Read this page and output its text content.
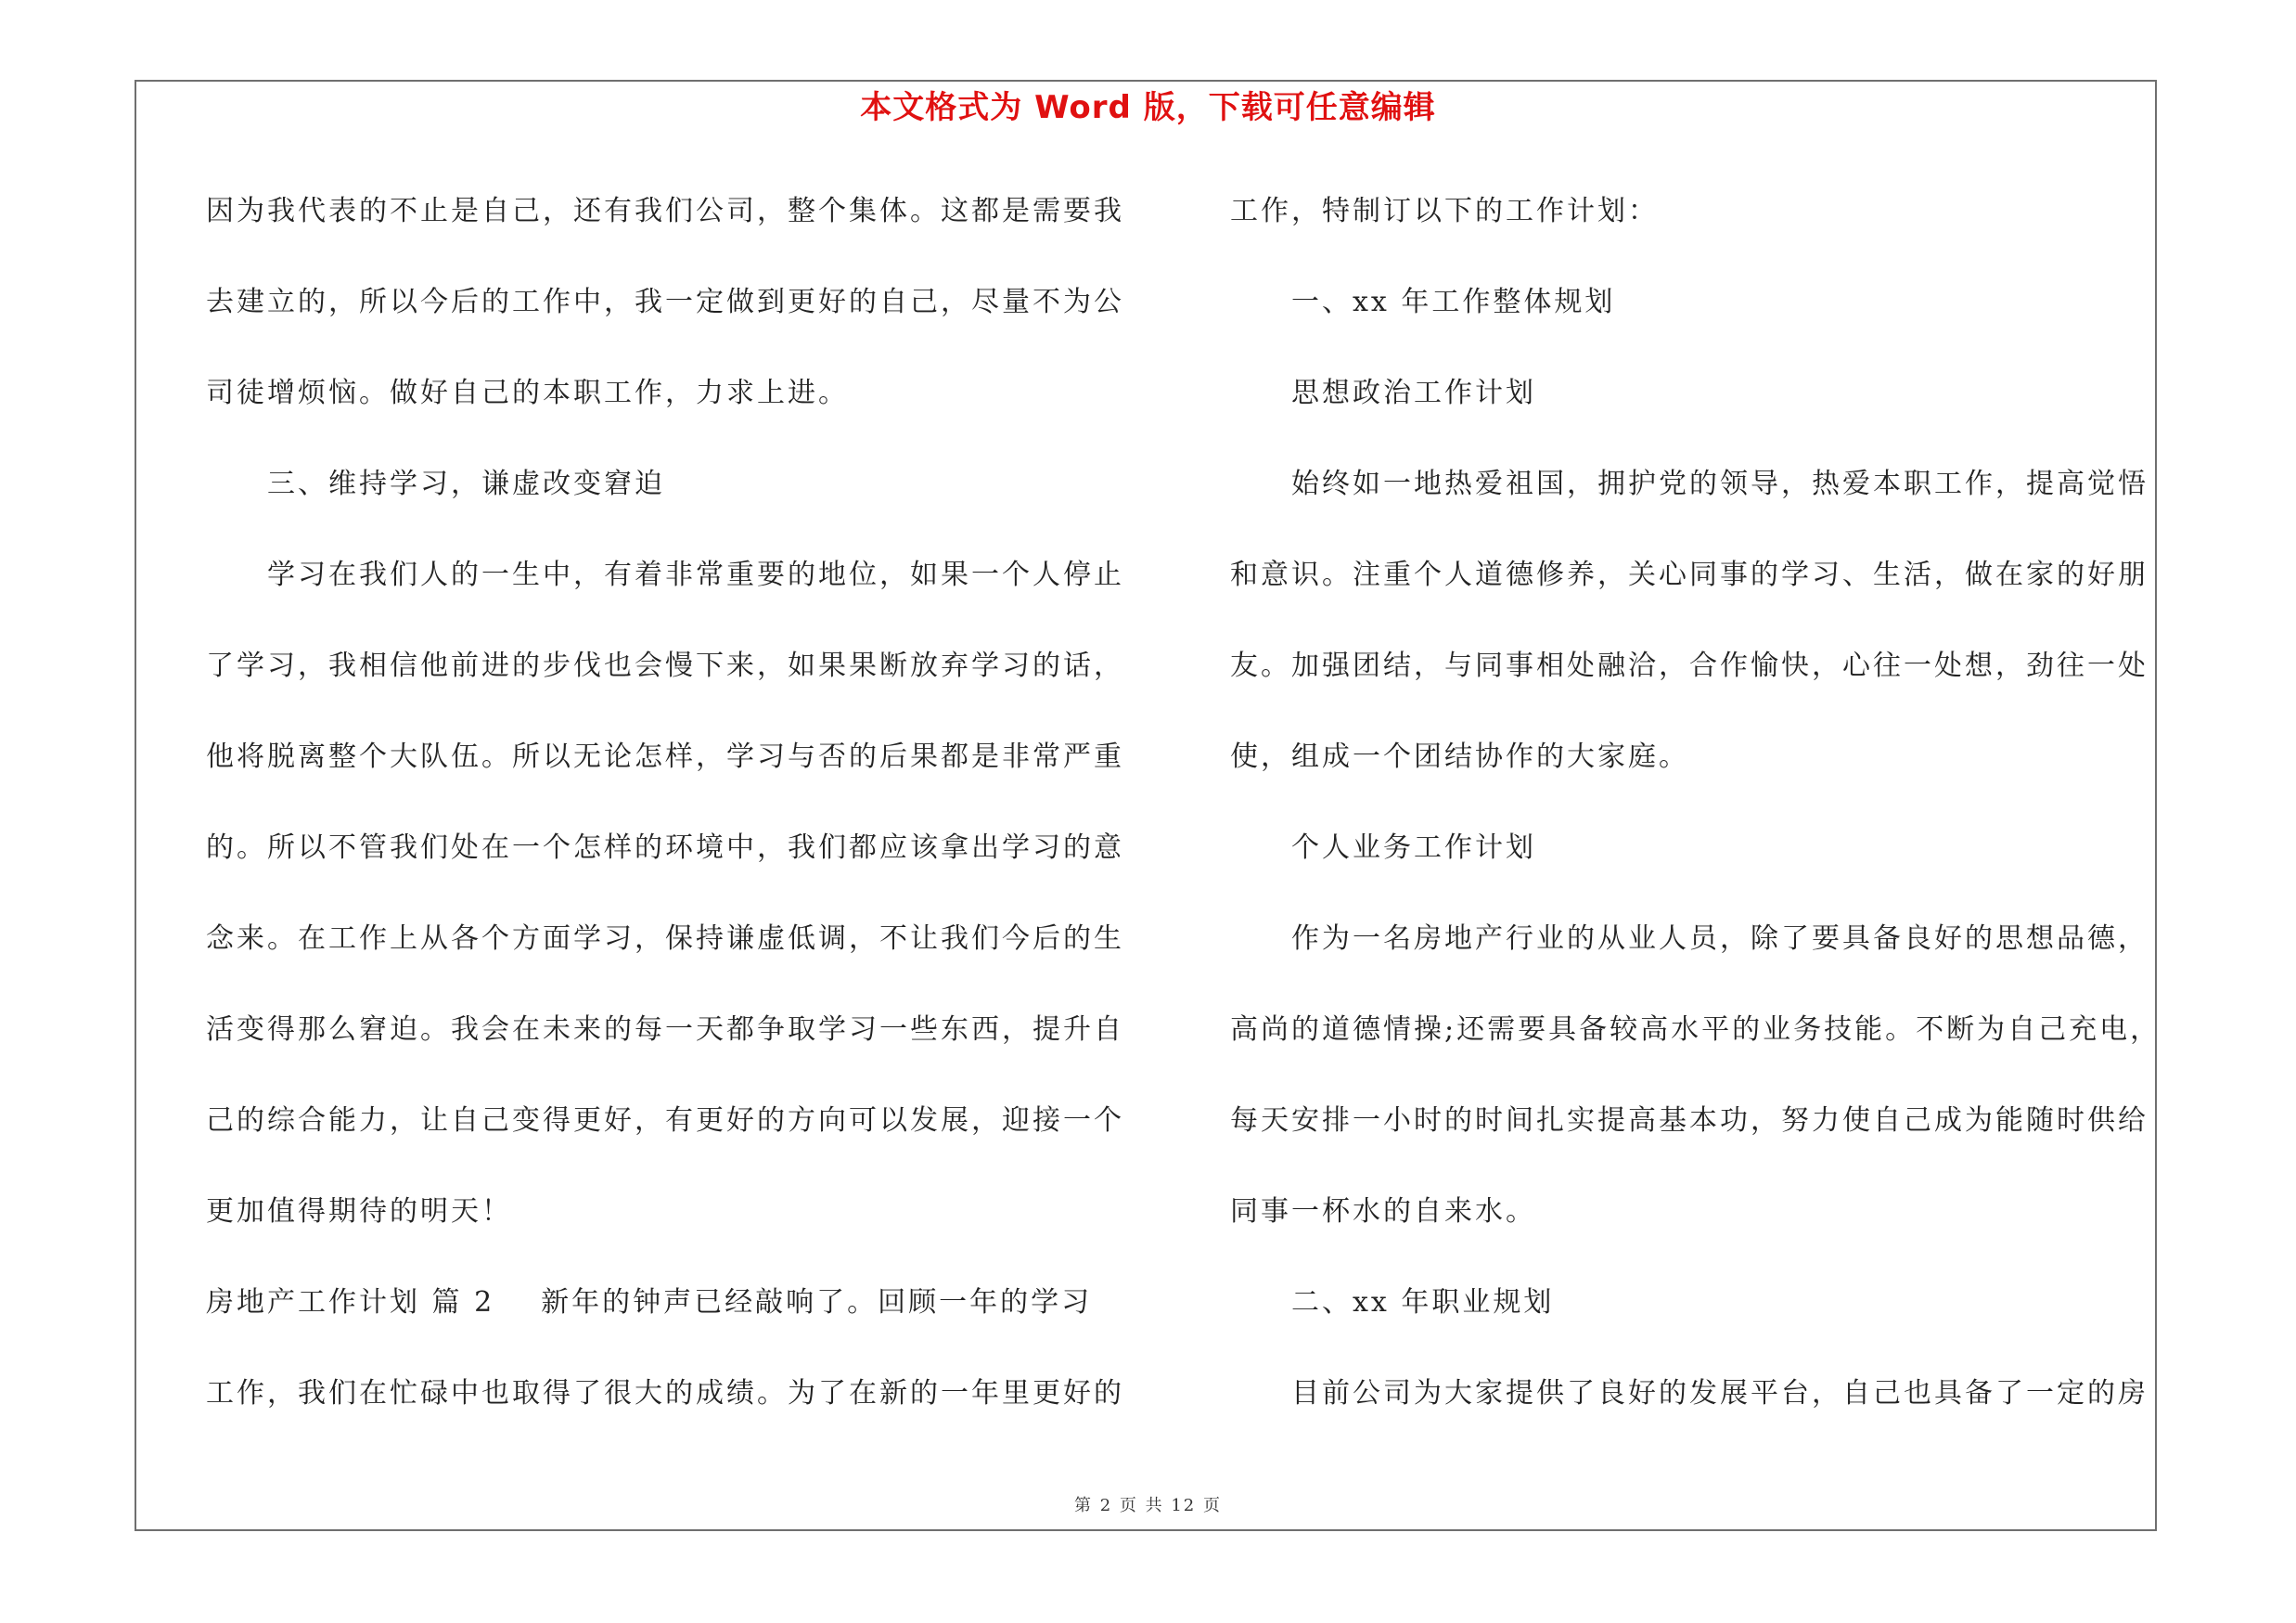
本文格式为 Word 版，下载可任意编辑
因为我代表的不止是自己，还有我们公司，整个集体。这都是需要我
去建立的，所以今后的工作中，我一定做到更好的自己，尽量不为公
司徒增烦恼。做好自己的本职工作，力求上进。
三、维持学习，谦虚改变窘迫
学习在我们人的一生中，有着非常重要的地位，如果一个人停止
了学习，我相信他前进的步伐也会慢下来，如果果断放弃学习的话，
他将脱离整个大队伍。所以无论怎样，学习与否的后果都是非常严重
的。所以不管我们处在一个怎样的环境中，我们都应该拿出学习的意
念来。在工作上从各个方面学习，保持谦虚低调，不让我们今后的生
活变得那么窘迫。我会在未来的每一天都争取学习一些东西，提升自
己的综合能力，让自己变得更好，有更好的方向可以发展，迎接一个
更加值得期待的明天！
房地产工作计划 篇 2 新年的钟声已经敲响了。回顾一年的学习
工作，我们在忙碌中也取得了很大的成绩。为了在新的一年里更好的
工作，特制订以下的工作计划：
一、xx 年工作整体规划
思想政治工作计划
始终如一地热爱祖国，拥护党的领导，热爱本职工作，提高觉悟
和意识。注重个人道德修养，关心同事的学习、生活，做在家的好朋
友。加强团结，与同事相处融洽，合作愉快，心往一处想，劲往一处
使，组成一个团结协作的大家庭。
个人业务工作计划
作为一名房地产行业的从业人员，除了要具备良好的思想品德，
高尚的道德情操;还需要具备较高水平的业务技能。不断为自己充电，
每天安排一小时的时间扎实提高基本功，努力使自己成为能随时供给
同事一杯水的自来水。
二、xx 年职业规划
目前公司为大家提供了良好的发展平台，自己也具备了一定的房
第 2 页 共 12 页
